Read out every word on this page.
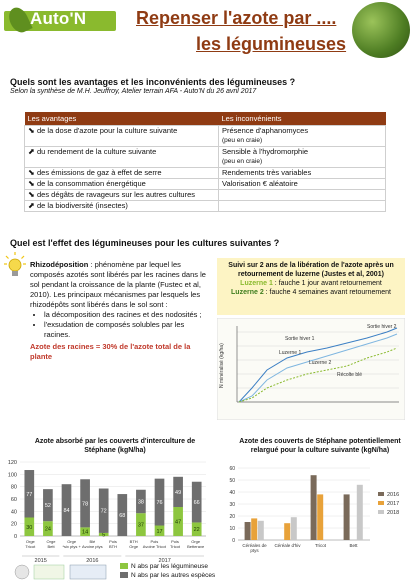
Auto'N	Repenser l'azote par ....
les légumineuses
Quels sont les avantages et les inconvénients des légumineuses ?
Selon la synthèse de M.H. Jeuffroy, Atelier terrain AFA - Auto'N du 26 avril 2017
Les avantages	Les inconvénients
⬊ de la dose d'azote pour la culture suivante	Présence d'aphanomyces
(peu en craie)

⬈ du rendement de la culture suivante	Sensible à l'hydromorphie
(peu en craie)

⬊ des émissions de gaz à effet de serre	Rendements très variables

⬊ de la consommation énergétique	Valorisation € aléatoire

⬊ des dégâts de ravageurs sur les autres cultures	

⬈ de la biodiversité (insectes)	
Quel est l'effet des légumineuses pour les cultures suivantes ?

Rhizodéposition : phénomène par lequel les composés azotés sont libérés par les racines dans le sol pendant la croissance de la plante (Fustec et al, 2010). Les principaux mécanismes par lesquels les rhizodépôts sont libérés dans le sol sont :

• la décomposition des racines et des nodosités ;
• l'exsudation de composés solubles par les racines.

Azote des racines = 30% de l'azote total de la plante

Suivi sur 2 ans de la libération de l'azote après un retournement de luzerne (Justes et al, 2001)
Luzerne 1 : fauche 1 jour avant retournement
Luzerne 2 : fauche 4 semaines avant retournement
N minéralisé (kg/ha)	Luzerne 1
Luzerne 2
Récolte blé
Sortie hiver 1
Sortie hiver 2
Azote absorbé par les couverts d'interculture de Stéphane (kgN/ha)
0
20
40
60
80
100
120
30
77
24
52
84
14
78
5
72
68
37
38
17
76
47
49
22
66
Orge Tricot
Orge Bett
Orge *six ptys +
Blé Avoine ptys
Pois BTH
BTH Orge
Pois Avoine Tricot
Pois Tricot
Orge Betterave
2015	2016	2017
Azote des couverts de Stéphane potentiellement relargué pour la culture suivante (kgN/ha)
0
10
20
30
40
50
60
Céréales de ptys
Céréale d'hiv	Tricot	Bett
2016
2017
2018
N abs par les légumineuse
N abs par les autres espèces
